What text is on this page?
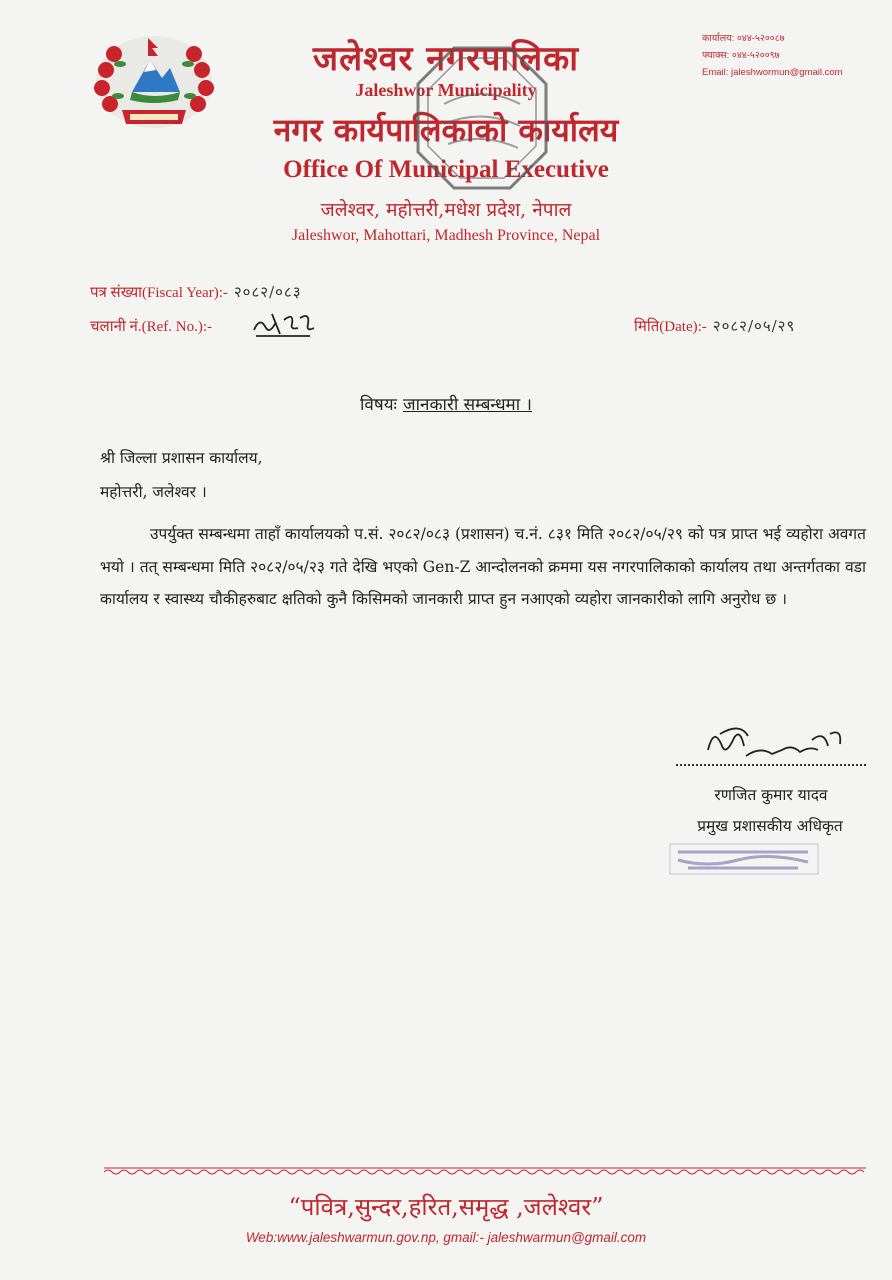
जलेश्वर नगरपालिका
Jaleshwor Municipality
नगर कार्यपालिकाको कार्यालय
Office Of Municipal Executive
जलेश्वर, महोत्तरी,मधेश प्रदेश, नेपाल
Jaleshwor, Mahottari, Madhesh Province, Nepal
कार्यालय: ०४४-५२००८७
फ्याक्स: ०४४-५२००९७
Email: jaleshwormun@gmail.com
पत्र संख्या(Fiscal Year):- २०८२/०८३
चलानी नं.(Ref. No.):-	मिति(Date):- २०८२/०५/२९
विषयः जानकारी सम्बन्धमा ।
श्री जिल्ला प्रशासन कार्यालय,
महोत्तरी, जलेश्वर ।
उपर्युक्त सम्बन्धमा ताहाँ कार्यालयको प.सं. २०८२/०८३ (प्रशासन) च.नं. ८३१ मिति २०८२/०५/२९ को पत्र प्राप्त भई व्यहोरा अवगत भयो । तत् सम्बन्धमा मिति २०८२/०५/२३ गते देखि भएको Gen-Z आन्दोलनको क्रममा यस नगरपालिकाको कार्यालय तथा अन्तर्गतका वडा कार्यालय र स्वास्थ्य चौकीहरुबाट क्षतिको कुनै किसिमको जानकारी प्राप्त हुन नआएको व्यहोरा जानकारीको लागि अनुरोध छ ।
रणजित कुमार यादव
प्रमुख प्रशासकीय अधिकृत
“पवित्र,सुन्दर,हरित,समृद्ध ,जलेश्वर”
Web:www.jaleshwarmun.gov.np, gmail:- jaleshwarmun@gmail.com
